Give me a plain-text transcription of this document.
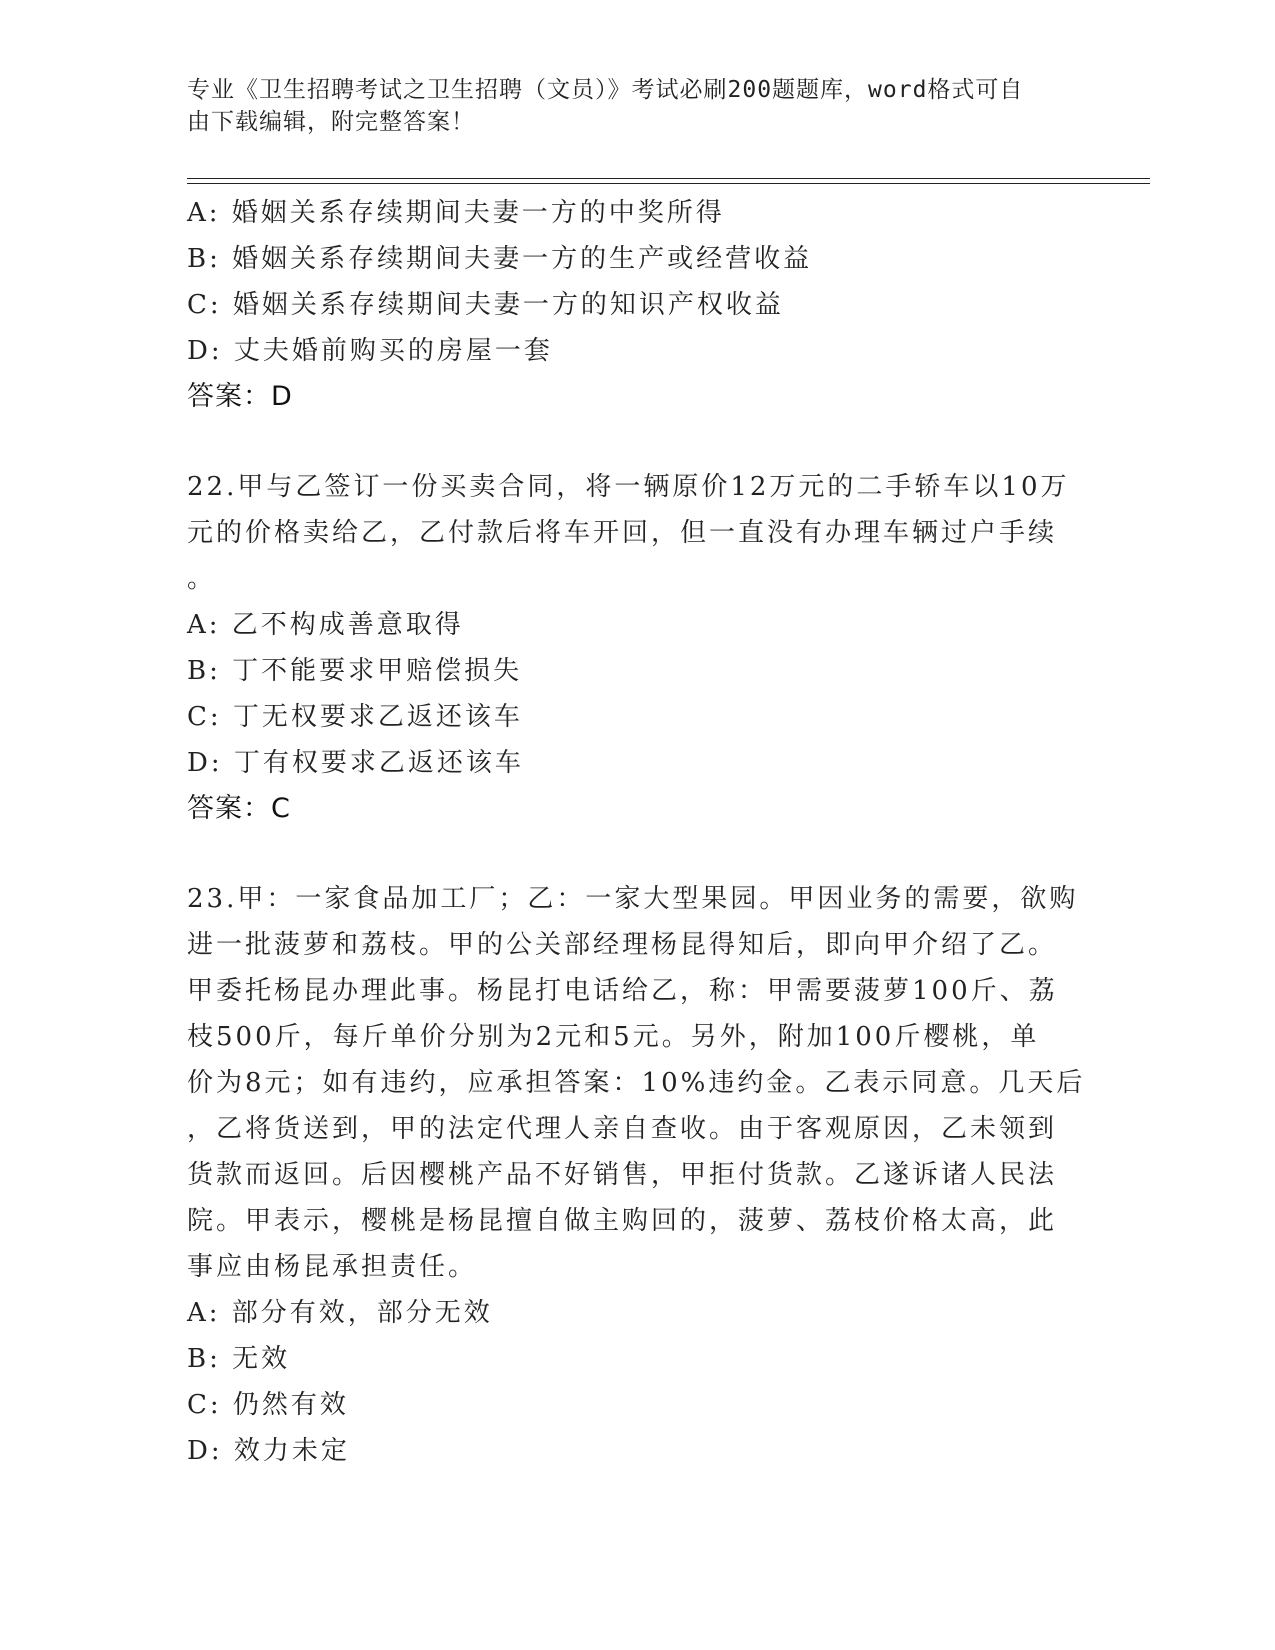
专业《卫生招聘考试之卫生招聘（文员）》考试必刷200题题库，word格式可自
由下载编辑，附完整答案！
A: 婚姻关系存续期间夫妻一方的中奖所得
B: 婚姻关系存续期间夫妻一方的生产或经营收益
C: 婚姻关系存续期间夫妻一方的知识产权收益
D: 丈夫婚前购买的房屋一套
答案：D
22.甲与乙签订一份买卖合同，将一辆原价12万元的二手轿车以10万
元的价格卖给乙，乙付款后将车开回，但一直没有办理车辆过户手续
。
A: 乙不构成善意取得
B: 丁不能要求甲赔偿损失
C: 丁无权要求乙返还该车
D: 丁有权要求乙返还该车
答案：C
23.甲：一家食品加工厂；乙：一家大型果园。甲因业务的需要，欲购
进一批菠萝和荔枝。甲的公关部经理杨昆得知后，即向甲介绍了乙。
甲委托杨昆办理此事。杨昆打电话给乙，称：甲需要菠萝100斤、荔
枝500斤，每斤单价分别为2元和5元。另外，附加100斤樱桃，单
价为8元；如有违约，应承担答案：10%违约金。乙表示同意。几天后
，乙将货送到，甲的法定代理人亲自查收。由于客观原因，乙未领到
货款而返回。后因樱桃产品不好销售，甲拒付货款。乙遂诉诸人民法
院。甲表示，樱桃是杨昆擅自做主购回的，菠萝、荔枝价格太高，此
事应由杨昆承担责任。
A: 部分有效，部分无效
B: 无效
C: 仍然有效
D: 效力未定
